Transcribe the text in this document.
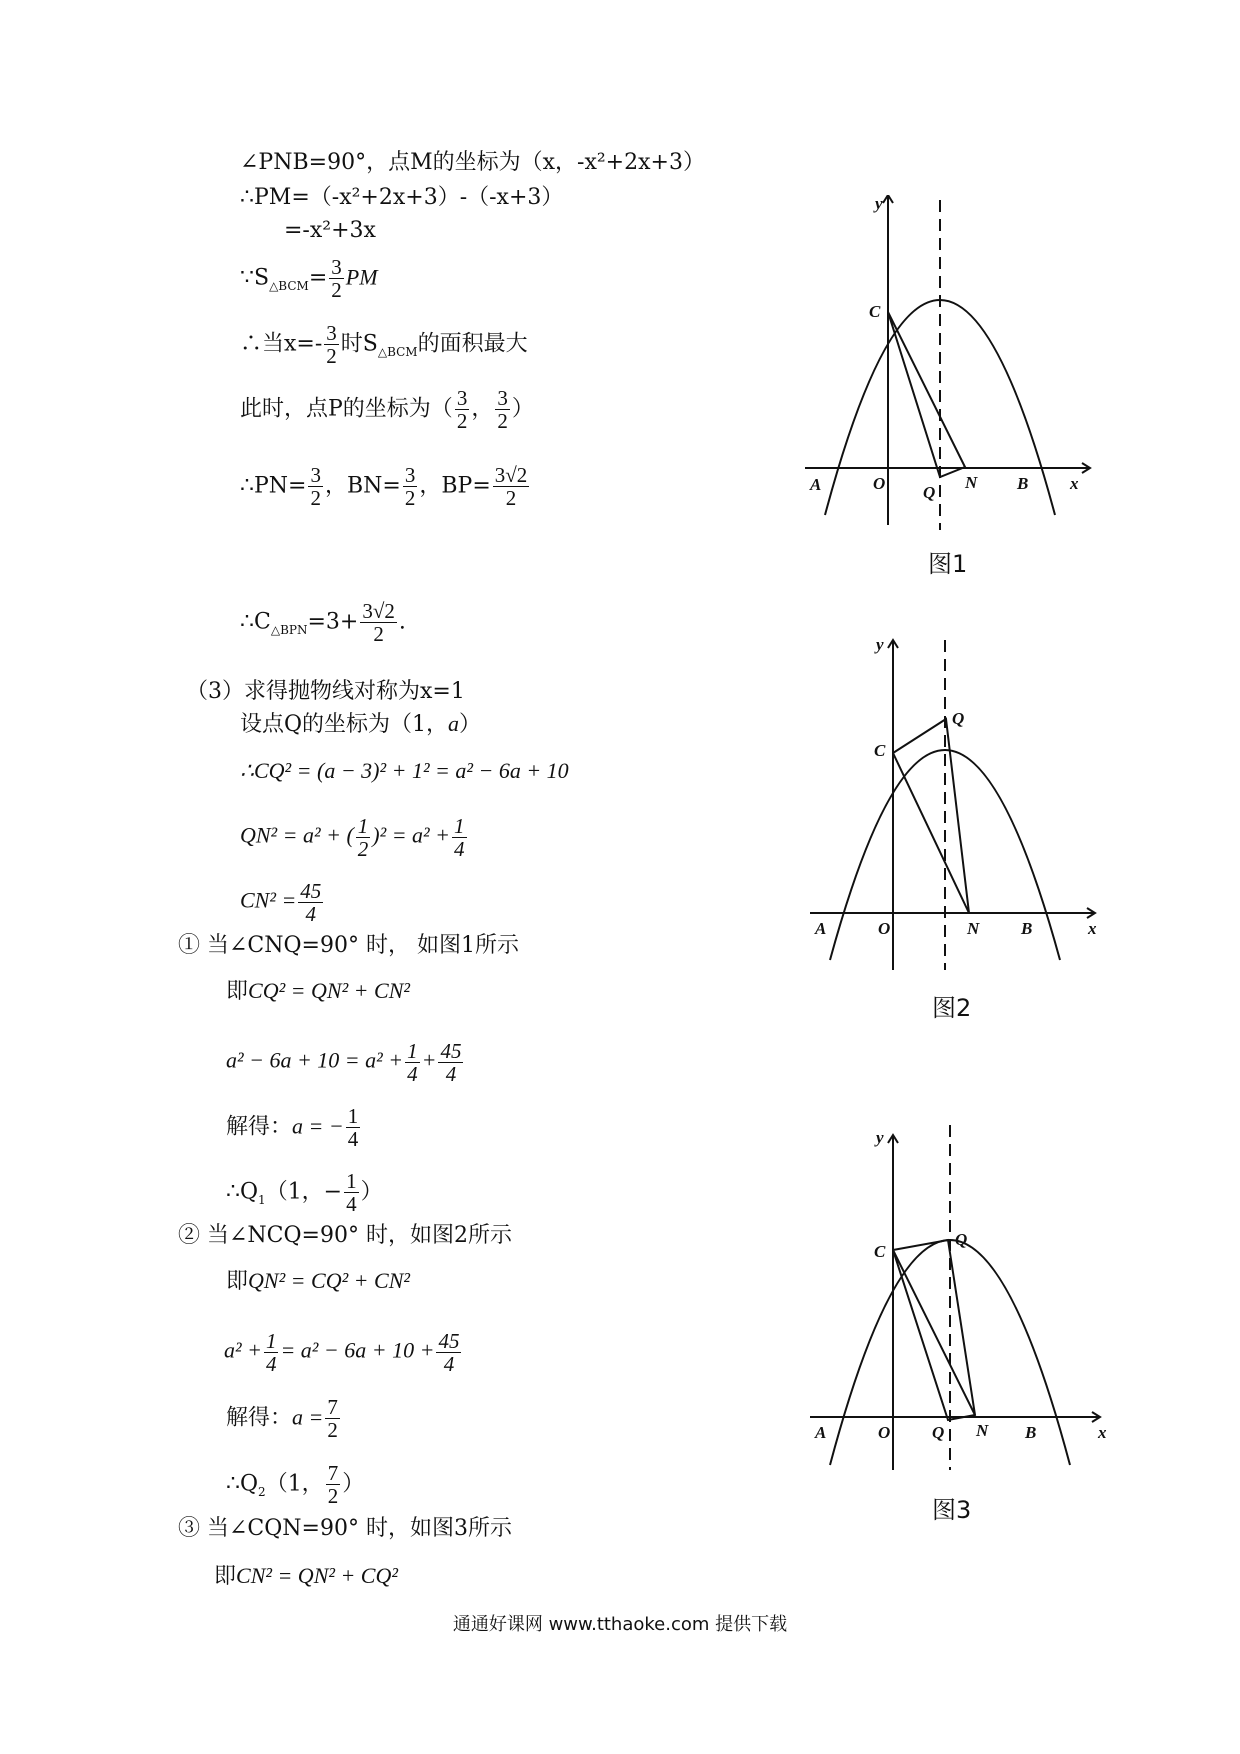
∠PNB=90°，点M的坐标为（x，-x²+2x+3）
∴PM=（-x²+2x+3）-（-x+3）
=-x²+3x
$\because S_{\triangle BCM}= \frac{3}{2}$ PM
∴当$x=- \frac{3}{2}$ 时$S_{\triangle BCM}$的面积最大
此时，点P的坐标为（ $\frac{3}{2}$ ， $\frac{3}{2}$ ）
∴PN= $\frac{3}{2}$ ，$BN= \frac{3}{2}$ ，$BP= \frac{3√2}{2}$
$\therefore C_{\triangle BPN}=3+ \frac{3√2}{2}$ .
（3）求得抛物线对称为x=1
设点Q的坐标为（1，a）
∴CQ² = (a − 3)² + 1² = a² − 6a + 10
QN² = a² + ( $\frac{1}{2} )^2 = a^2 + \frac{1}{4}$
$CN^2 = \frac{45}{4}$
① 当∠CNQ=90° 时， 如图1所示
即CQ² = QN² + CN²
$a^2 - 6a + 10 = a^2 + \frac{1}{4} + \frac{45}{4}$
解得：a = − $\frac{1}{4}$
$\therefore Q_1(1$，− $\frac{1}{4}$ ）
② 当∠NCQ=90° 时，如图2所示
即QN² = CQ² + CN²
$a^2 + \frac{1}{4} = a^2 - 6a + 10 + \frac{45}{4}$
解得：$a = \frac{7}{2}$
$\therefore Q_2(1$， $\frac{7}{2}$ ）
③ 当∠CQN=90° 时，如图3所示
即CN² = QN² + CQ²
A	O	B x
y
C
Q
N
图1
A	O	B	x
y
C
Q
N
图2
A	O	B	x
y
C
Q
Q N
图3
通通好课网 www.tthaoke.com 提供下载
